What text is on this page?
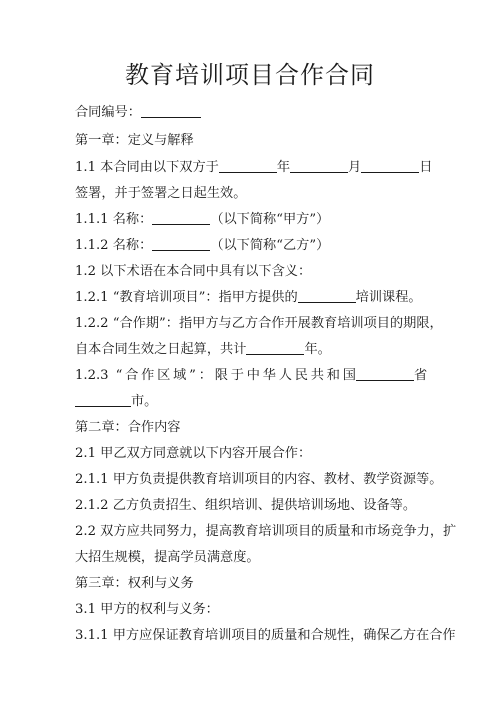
教育培训项目合作合同

合同编号：

第一章：定义与解释

1.1 本合同由以下双方于	年	月	日

签署，并于签署之日起生效。

1.1.1 名称：	（以下简称“甲方”）

1.1.2 名称：	（以下简称“乙方”）

1.2 以下术语在本合同中具有以下含义：

1.2.1 “教育培训项目”：指甲方提供的	培训课程。

1.2.2 “合作期”：指甲方与乙方合作开展教育培训项目的期限，

自本合同生效之日起算，共计	年。

1.2.3 “合作区域”：限于中华人民共和国	省

市。

第二章：合作内容

2.1 甲乙双方同意就以下内容开展合作：

2.1.1 甲方负责提供教育培训项目的内容、教材、教学资源等。

2.1.2 乙方负责招生、组织培训、提供培训场地、设备等。

2.2 双方应共同努力，提高教育培训项目的质量和市场竞争力，扩

大招生规模，提高学员满意度。

第三章：权利与义务

3.1 甲方的权利与义务：

3.1.1 甲方应保证教育培训项目的质量和合规性，确保乙方在合作
